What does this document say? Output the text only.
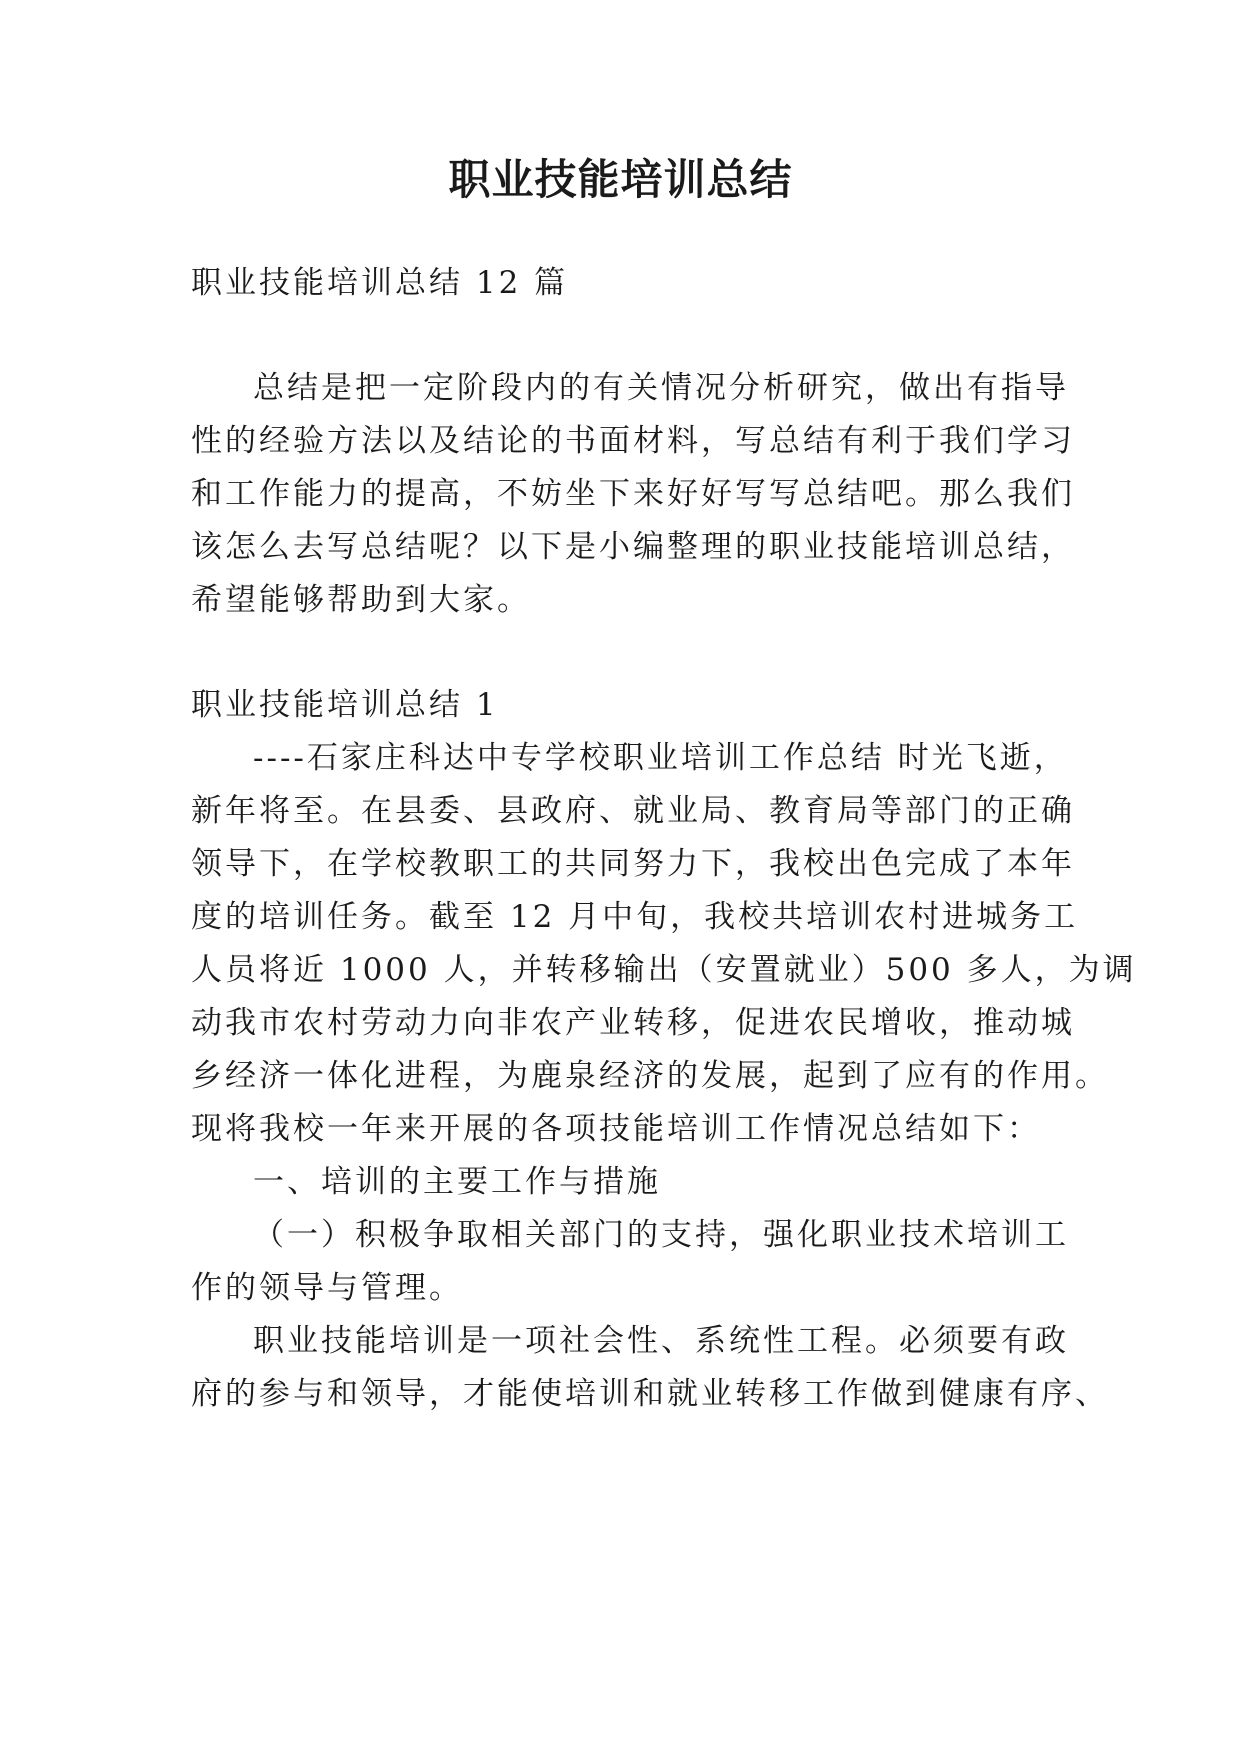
职业技能培训总结
职业技能培训总结 12 篇
总结是把一定阶段内的有关情况分析研究，做出有指导
性的经验方法以及结论的书面材料，写总结有利于我们学习
和工作能力的提高，不妨坐下来好好写写总结吧。那么我们
该怎么去写总结呢？以下是小编整理的职业技能培训总结，
希望能够帮助到大家。
职业技能培训总结 1
----石家庄科达中专学校职业培训工作总结 时光飞逝，
新年将至。在县委、县政府、就业局、教育局等部门的正确
领导下，在学校教职工的共同努力下，我校出色完成了本年
度的培训任务。截至 12 月中旬，我校共培训农村进城务工
人员将近 1000 人，并转移输出（安置就业）500 多人，为调
动我市农村劳动力向非农产业转移，促进农民增收，推动城
乡经济一体化进程，为鹿泉经济的发展，起到了应有的作用。
现将我校一年来开展的各项技能培训工作情况总结如下：
一、培训的主要工作与措施
（一）积极争取相关部门的支持，强化职业技术培训工
作的领导与管理。
职业技能培训是一项社会性、系统性工程。必须要有政
府的参与和领导，才能使培训和就业转移工作做到健康有序、
